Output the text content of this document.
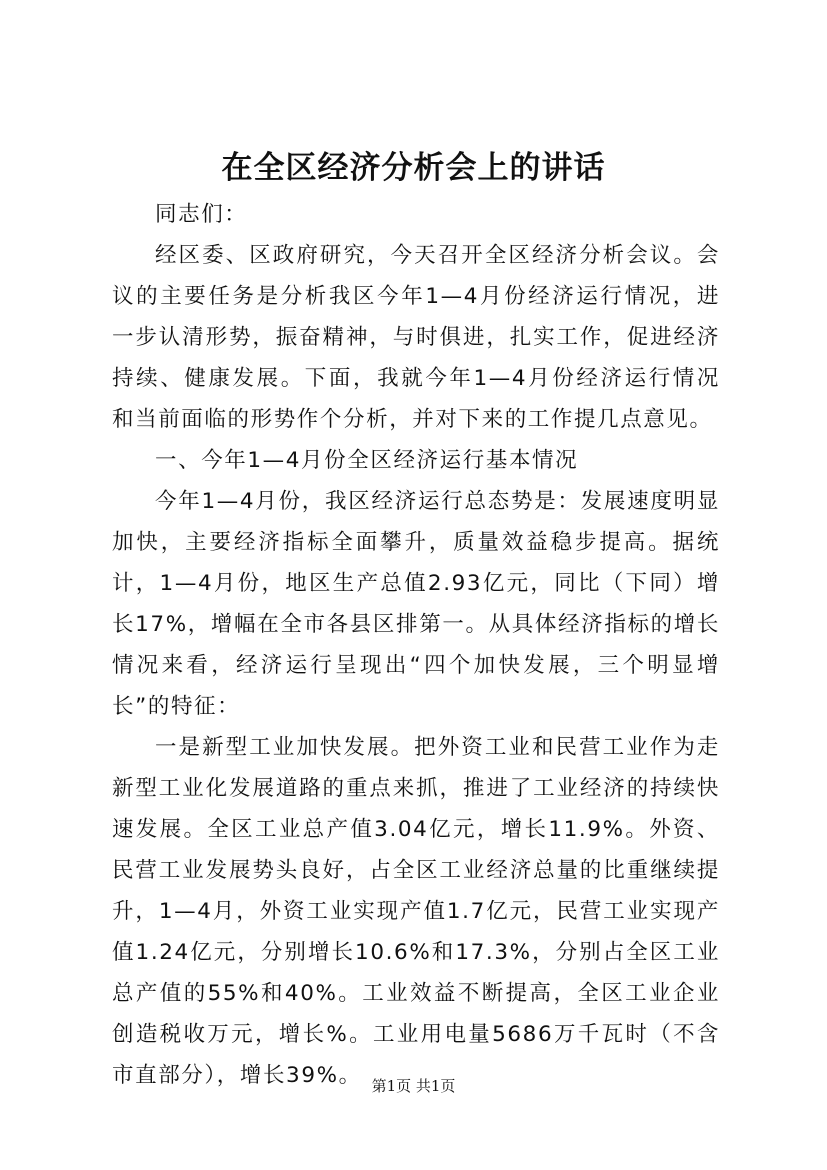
在全区经济分析会上的讲话

同志们：

经区委、区政府研究，今天召开全区经济分析会议。会议的主要任务是分析我区今年1—4月份经济运行情况，进一步认清形势，振奋精神，与时俱进，扎实工作，促进经济持续、健康发展。下面，我就今年1—4月份经济运行情况和当前面临的形势作个分析，并对下来的工作提几点意见。

一、今年1—4月份全区经济运行基本情况

今年1—4月份，我区经济运行总态势是：发展速度明显加快，主要经济指标全面攀升，质量效益稳步提高。据统计，1—4月份，地区生产总值2.93亿元，同比（下同）增长17%，增幅在全市各县区排第一。从具体经济指标的增长情况来看，经济运行呈现出“四个加快发展，三个明显增长”的特征：

一是新型工业加快发展。把外资工业和民营工业作为走新型工业化发展道路的重点来抓，推进了工业经济的持续快速发展。全区工业总产值3.04亿元，增长11.9%。外资、民营工业发展势头良好，占全区工业经济总量的比重继续提升，1—4月，外资工业实现产值1.7亿元，民营工业实现产值1.24亿元，分别增长10.6%和17.3%，分别占全区工业总产值的55%和40%。工业效益不断提高，全区工业企业创造税收万元，增长%。工业用电量5686万千瓦时（不含市直部分），增长39%。 第1页 共1页
